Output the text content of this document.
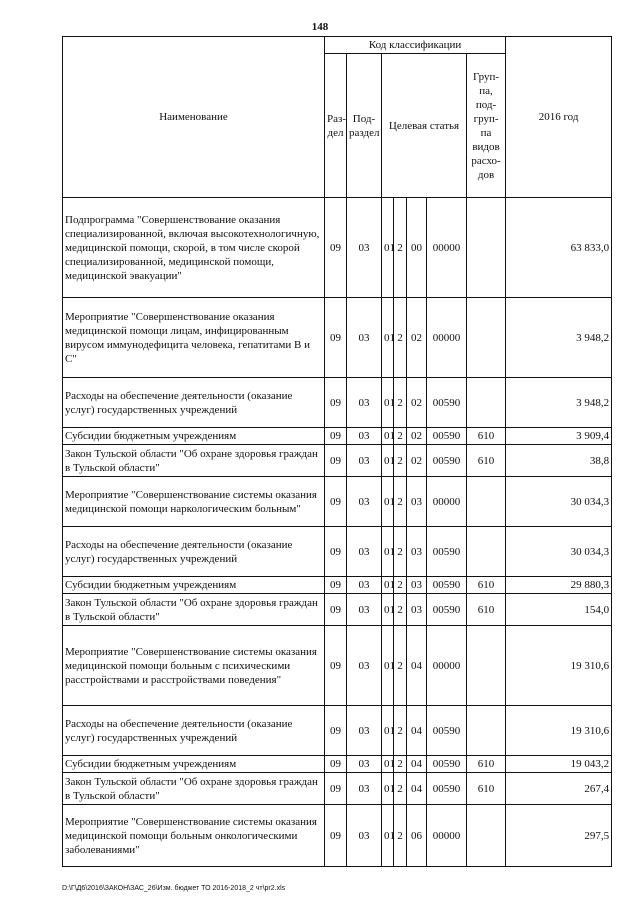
148
Наименование	Код классификации							2016 год
	Раз-дел	Под-раздел	Целевая статья				Груп-па, под-груп-па видов расхо-дов	
Подпрограмма "Совершенствование оказания специализированной, включая высокотехнологичную, медицинской помощи, скорой, в том числе скорой специализированной, медицинской помощи, медицинской эвакуации"	09	03	01	2	00	00000		63 833,0
Мероприятие "Совершенствование оказания медицинской помощи лицам, инфицированным вирусом иммунодефицита человека, гепатитами В и С"	09	03	01	2	02	00000		3 948,2
Расходы на обеспечение деятельности (оказание услуг) государственных учреждений	09	03	01	2	02	00590		3 948,2
Субсидии бюджетным учреждениям	09	03	01	2	02	00590	610	3 909,4
Закон Тульской области "Об охране здоровья граждан в Тульской области"	09	03	01	2	02	00590	610	38,8
Мероприятие "Совершенствование системы оказания медицинской помощи наркологическим больным"	09	03	01	2	03	00000		30 034,3
Расходы на обеспечение деятельности (оказание услуг) государственных учреждений	09	03	01	2	03	00590		30 034,3
Субсидии бюджетным учреждениям	09	03	01	2	03	00590	610	29 880,3
Закон Тульской области "Об охране здоровья граждан в Тульской области"	09	03	01	2	03	00590	610	154,0
Мероприятие "Совершенствование системы оказания медицинской помощи больным с психическими расстройствами и расстройствами поведения"	09	03	01	2	04	00000		19 310,6
Расходы на обеспечение деятельности (оказание услуг) государственных учреждений	09	03	01	2	04	00590		19 310,6
Субсидии бюджетным учреждениям	09	03	01	2	04	00590	610	19 043,2
Закон Тульской области "Об охране здоровья граждан в Тульской области"	09	03	01	2	04	00590	610	267,4
Мероприятие "Совершенствование системы оказания медицинской помощи больным онкологическими заболеваниями"	09	03	01	2	06	00000		297,5
D:\Г\Д6\2016\ЗАКОН\ЗАС_26\Изм. бюджет ТО 2016-2018_2 чт\pr2.xls
